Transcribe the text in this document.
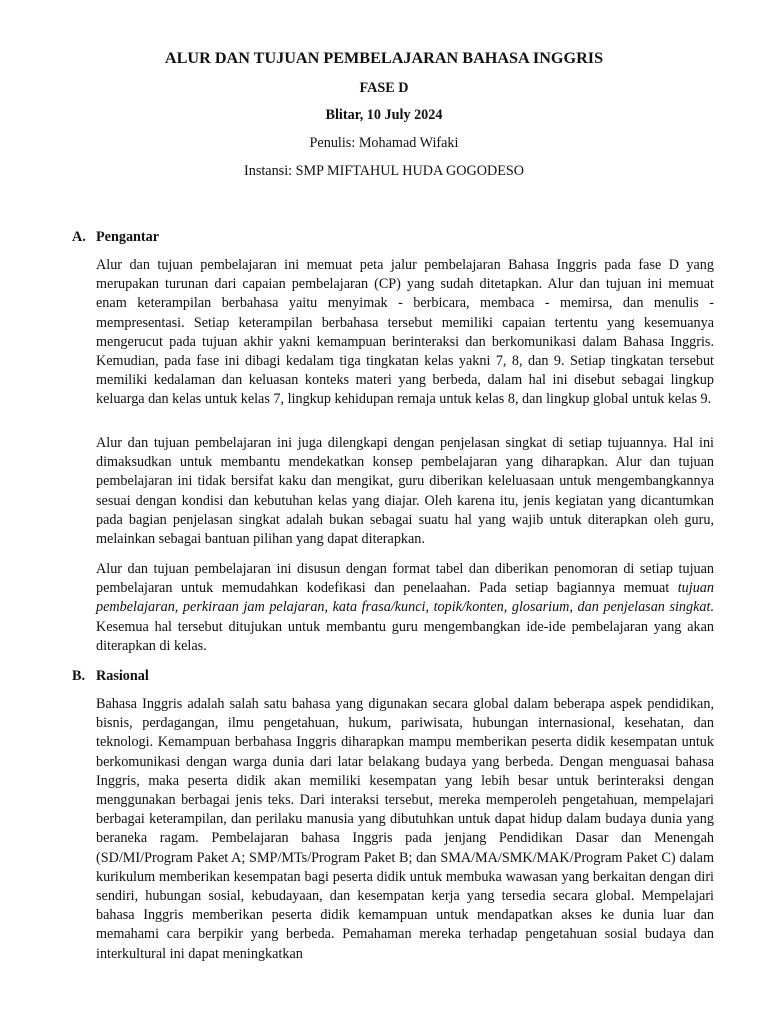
ALUR DAN TUJUAN PEMBELAJARAN BAHASA INGGRIS

FASE D

Blitar, 10 July 2024

Penulis: Mohamad Wifaki

Instansi: SMP MIFTAHUL HUDA GOGODESO

A. Pengantar

Alur dan tujuan pembelajaran ini memuat peta jalur pembelajaran Bahasa Inggris pada fase D yang merupakan turunan dari capaian pembelajaran (CP) yang sudah ditetapkan. Alur dan tujuan ini memuat enam keterampilan berbahasa yaitu menyimak - berbicara, membaca - memirsa, dan menulis - mempresentasi. Setiap keterampilan berbahasa tersebut memiliki capaian tertentu yang kesemuanya mengerucut pada tujuan akhir yakni kemampuan berinteraksi dan berkomunikasi dalam Bahasa Inggris. Kemudian, pada fase ini dibagi kedalam tiga tingkatan kelas yakni 7, 8, dan 9. Setiap tingkatan tersebut memiliki kedalaman dan keluasan konteks materi yang berbeda, dalam hal ini disebut sebagai lingkup keluarga dan kelas untuk kelas 7, lingkup kehidupan remaja untuk kelas 8, dan lingkup global untuk kelas 9.

Alur dan tujuan pembelajaran ini juga dilengkapi dengan penjelasan singkat di setiap tujuannya. Hal ini dimaksudkan untuk membantu mendekatkan konsep pembelajaran yang diharapkan. Alur dan tujuan pembelajaran ini tidak bersifat kaku dan mengikat, guru diberikan keleluasaan untuk mengembangkannya sesuai dengan kondisi dan kebutuhan kelas yang diajar. Oleh karena itu, jenis kegiatan yang dicantumkan pada bagian penjelasan singkat adalah bukan sebagai suatu hal yang wajib untuk diterapkan oleh guru, melainkan sebagai bantuan pilihan yang dapat diterapkan.

Alur dan tujuan pembelajaran ini disusun dengan format tabel dan diberikan penomoran di setiap tujuan pembelajaran untuk memudahkan kodefikasi dan penelaahan. Pada setiap bagiannya memuat tujuan pembelajaran, perkiraan jam pelajaran, kata frasa/kunci, topik/konten, glosarium, dan penjelasan singkat. Kesemua hal tersebut ditujukan untuk membantu guru mengembangkan ide-ide pembelajaran yang akan diterapkan di kelas.

B. Rasional

Bahasa Inggris adalah salah satu bahasa yang digunakan secara global dalam beberapa aspek pendidikan, bisnis, perdagangan, ilmu pengetahuan, hukum, pariwisata, hubungan internasional, kesehatan, dan teknologi. Kemampuan berbahasa Inggris diharapkan mampu memberikan peserta didik kesempatan untuk berkomunikasi dengan warga dunia dari latar belakang budaya yang berbeda. Dengan menguasai bahasa Inggris, maka peserta didik akan memiliki kesempatan yang lebih besar untuk berinteraksi dengan menggunakan berbagai jenis teks. Dari interaksi tersebut, mereka memperoleh pengetahuan, mempelajari berbagai keterampilan, dan perilaku manusia yang dibutuhkan untuk dapat hidup dalam budaya dunia yang beraneka ragam. Pembelajaran bahasa Inggris pada jenjang Pendidikan Dasar dan Menengah (SD/MI/Program Paket A; SMP/MTs/Program Paket B; dan SMA/MA/SMK/MAK/Program Paket C) dalam kurikulum memberikan kesempatan bagi peserta didik untuk membuka wawasan yang berkaitan dengan diri sendiri, hubungan sosial, kebudayaan, dan kesempatan kerja yang tersedia secara global. Mempelajari bahasa Inggris memberikan peserta didik kemampuan untuk mendapatkan akses ke dunia luar dan memahami cara berpikir yang berbeda. Pemahaman mereka terhadap pengetahuan sosial budaya dan interkultural ini dapat meningkatkan
